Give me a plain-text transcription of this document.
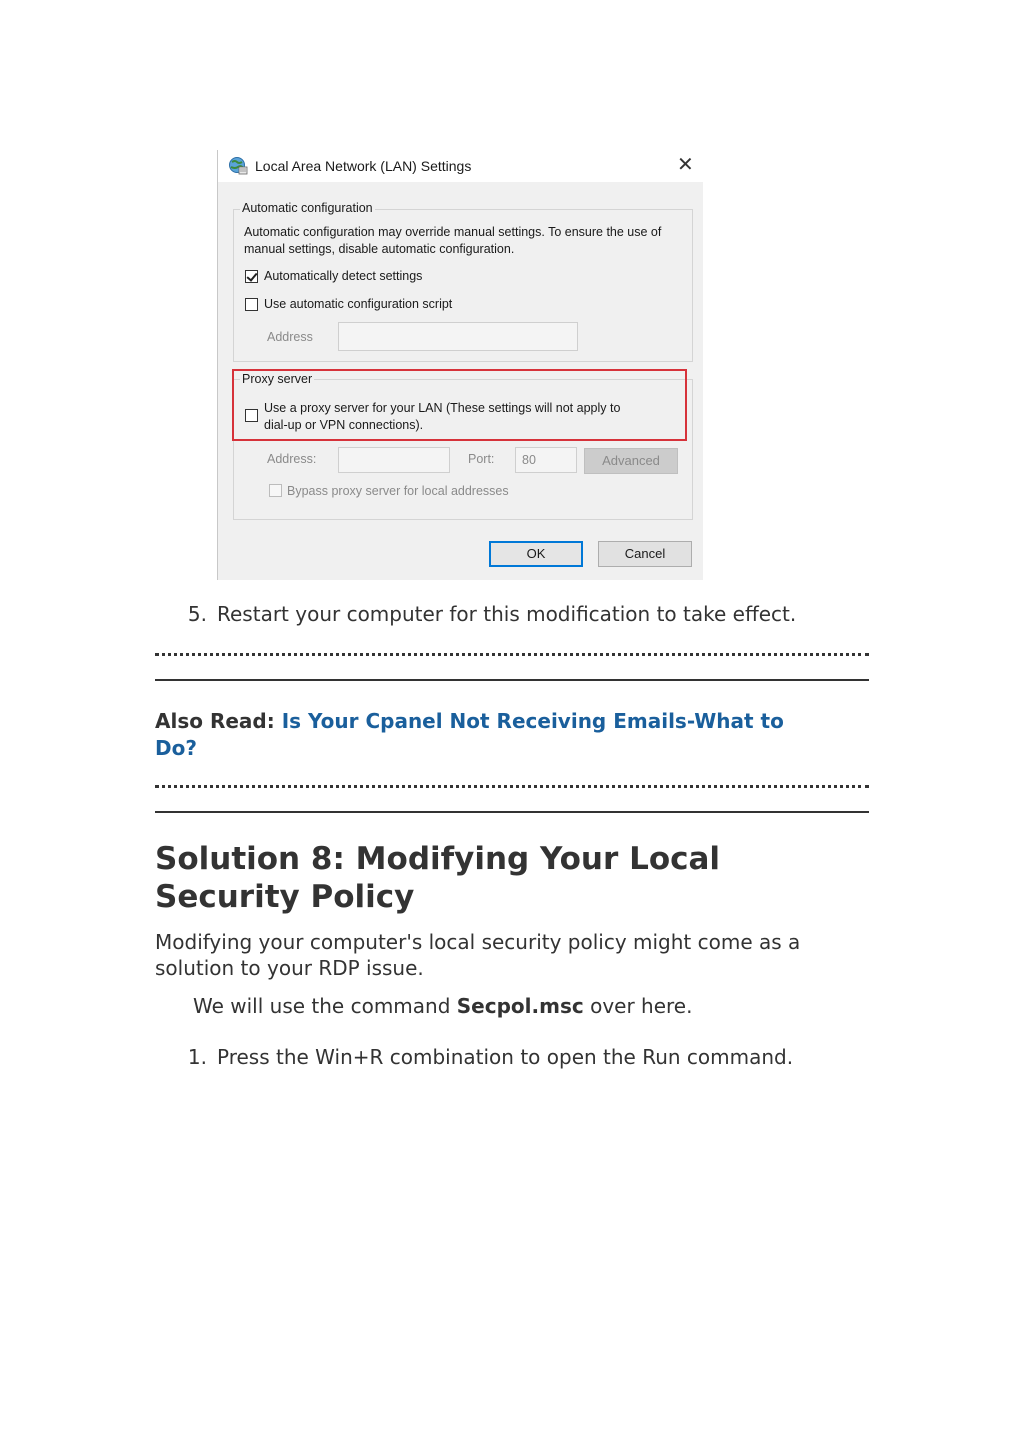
Local Area Network (LAN) Settings	✕
Automatic configuration
Automatic configuration may override manual settings. To ensure the use of manual settings, disable automatic configuration.
Automatically detect settings
Use automatic configuration script
Address
Proxy server
Use a proxy server for your LAN (These settings will not apply to
dial-up or VPN connections).
Address:	Port:	80	Advanced
Bypass proxy server for local addresses
OK	Cancel
5. Restart your computer for this modification to take effect.
Also Read: Is Your Cpanel Not Receiving Emails-What to
Do?
Solution 8: Modifying Your Local
Security Policy
Modifying your computer's local security policy might come as a solution to your RDP issue.
We will use the command Secpol.msc over here.
1. Press the Win+R combination to open the Run command.
